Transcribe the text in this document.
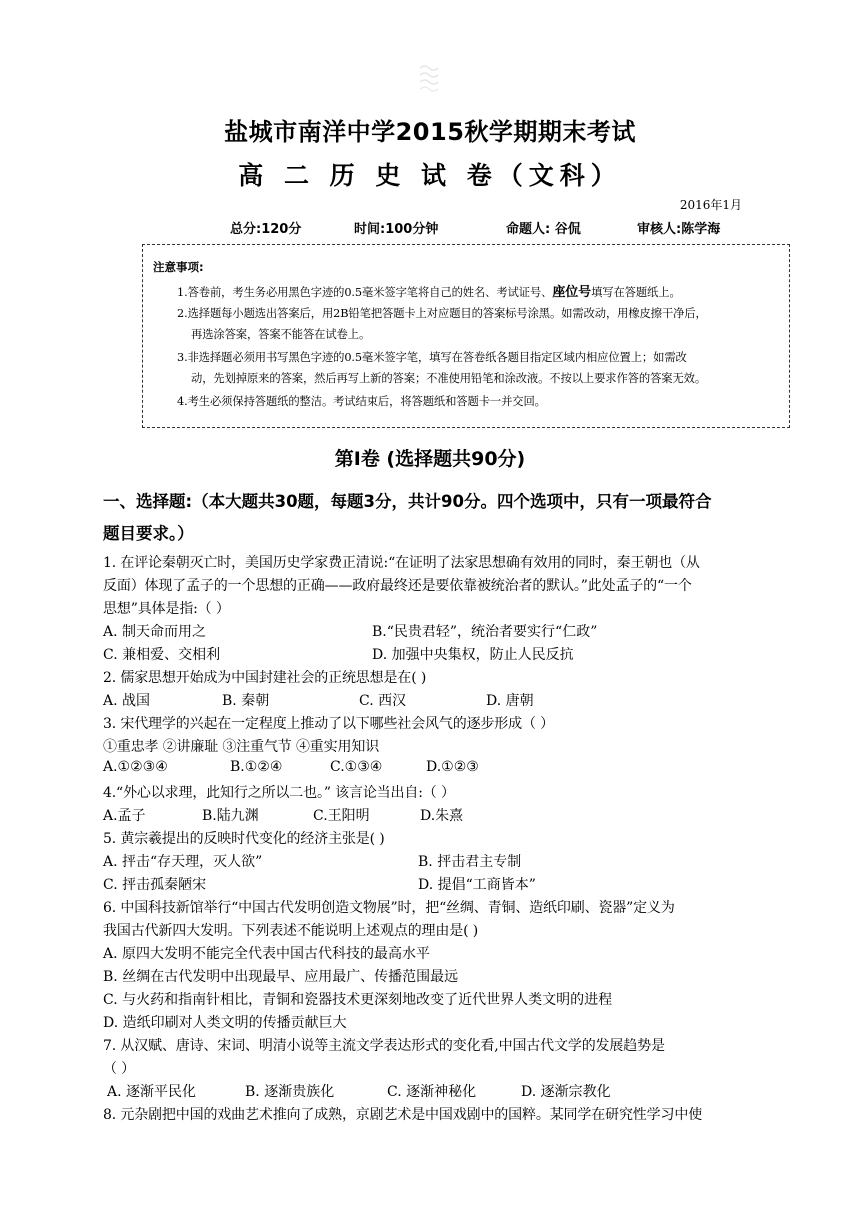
盐城市南洋中学2015秋学期期末考试
高 二 历 史 试 卷（文科）
2016年1月
总分:120分	时间:100分钟	命题人: 谷侃	审核人:陈学海
注意事项:
1.答卷前，考生务必用黑色字迹的0.5毫米签字笔将自己的姓名、考试证号、座位号填写在答题纸上。
2.选择题每小题选出答案后，用2B铅笔把答题卡上对应题目的答案标号涂黑。如需改动，用橡皮擦干净后，
再选涂答案，答案不能答在试卷上。
3.非选择题必须用书写黑色字迹的0.5毫米签字笔，填写在答卷纸各题目指定区域内相应位置上；如需改
动，先划掉原来的答案，然后再写上新的答案；不准使用铅笔和涂改液。不按以上要求作答的答案无效。
4.考生必须保持答题纸的整洁。考试结束后，将答题纸和答题卡一并交回。
第Ⅰ卷 (选择题共90分)
一、选择题:（本大题共30题，每题3分，共计90分。四个选项中，只有一项最符合
题目要求。）
1. 在评论秦朝灭亡时，美国历史学家费正清说:“在证明了法家思想确有效用的同时，秦王朝也（从
反面）体现了孟子的一个思想的正确——政府最终还是要依靠被统治者的默认。”此处孟子的“一个
思想”具体是指:（ ）
A. 制天命而用之	B.“民贵君轻”，统治者要实行“仁政”
C. 兼相爱、交相利	D. 加强中央集权，防止人民反抗
2. 儒家思想开始成为中国封建社会的正统思想是在( )
A. 战国	B. 秦朝	C. 西汉	D. 唐朝
3. 宋代理学的兴起在一定程度上推动了以下哪些社会风气的逐步形成（ ）
①重忠孝 ②讲廉耻 ③注重气节 ④重实用知识
A.①②③④	B.①②④	C.①③④	D.①②③
4.“外心以求理，此知行之所以二也。” 该言论当出自:（ ）
A.孟子	B.陆九渊	C.王阳明	D.朱熹
5. 黄宗羲提出的反映时代变化的经济主张是( )
A. 抨击“存天理，灭人欲”	B. 抨击君主专制
C. 抨击孤秦陋宋	D. 提倡“工商皆本”
6. 中国科技新馆举行“中国古代发明创造文物展”时，把“丝绸、青铜、造纸印刷、瓷器”定义为
我国古代新四大发明。下列表述不能说明上述观点的理由是( )
A. 原四大发明不能完全代表中国古代科技的最高水平
B. 丝绸在古代发明中出现最早、应用最广、传播范围最远
C. 与火药和指南针相比，青铜和瓷器技术更深刻地改变了近代世界人类文明的进程
D. 造纸印刷对人类文明的传播贡献巨大
7. 从汉赋、唐诗、宋词、明清小说等主流文学表达形式的变化看,中国古代文学的发展趋势是
（ ）
A. 逐渐平民化	B. 逐渐贵族化	C. 逐渐神秘化	D. 逐渐宗教化
8. 元杂剧把中国的戏曲艺术推向了成熟，京剧艺术是中国戏剧中的国粹。某同学在研究性学习中使
